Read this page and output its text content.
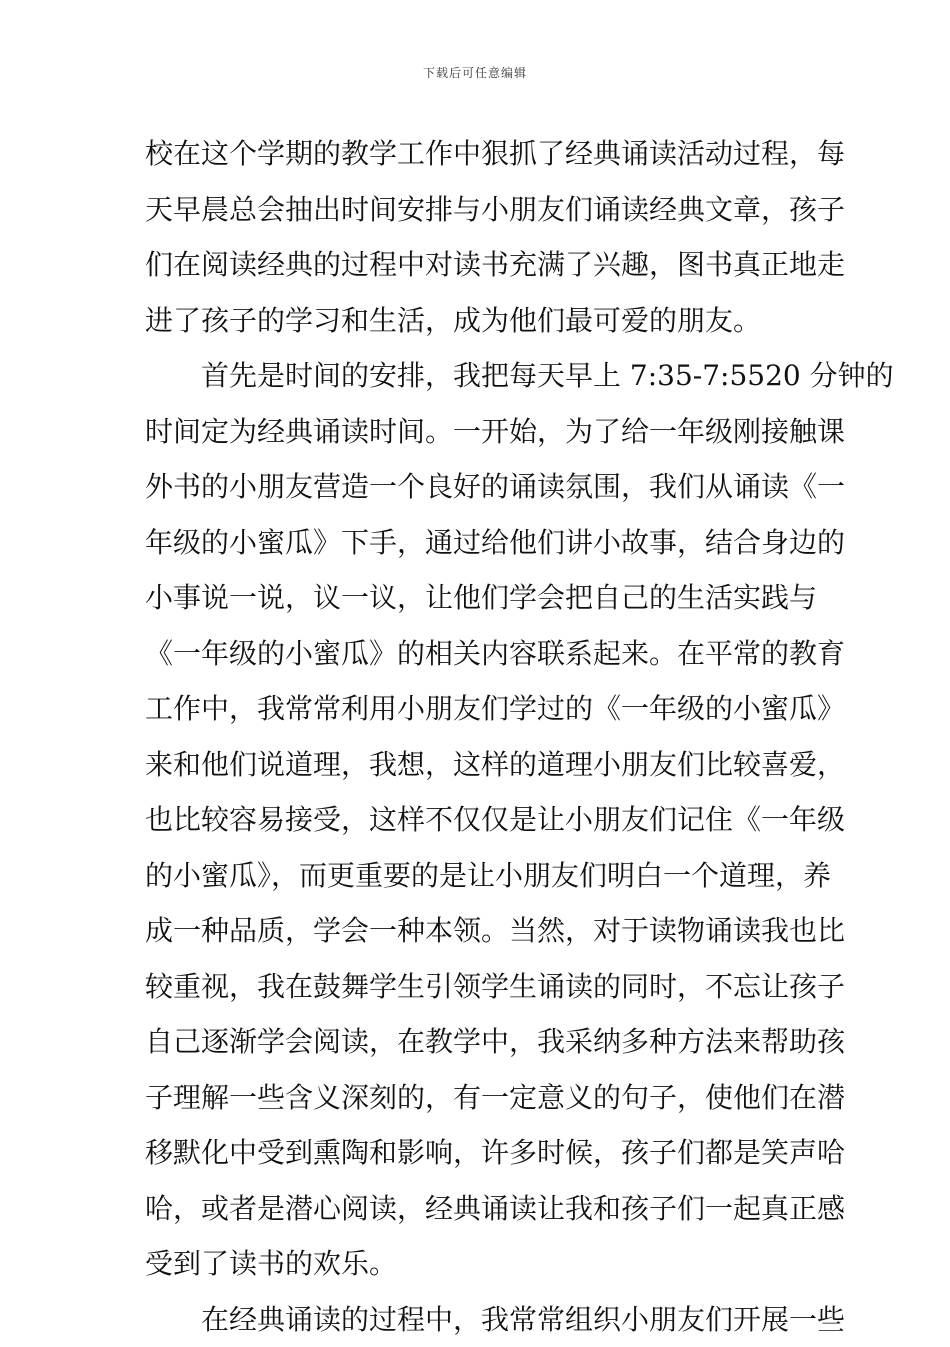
下载后可任意编辑
校在这个学期的教学工作中狠抓了经典诵读活动过程，每
天早晨总会抽出时间安排与小朋友们诵读经典文章，孩子
们在阅读经典的过程中对读书充满了兴趣，图书真正地走
进了孩子的学习和生活，成为他们最可爱的朋友。
首先是时间的安排，我把每天早上 7:35-7:5520 分钟的
时间定为经典诵读时间。一开始，为了给一年级刚接触课
外书的小朋友营造一个良好的诵读氛围，我们从诵读《一
年级的小蜜瓜》下手，通过给他们讲小故事，结合身边的
小事说一说，议一议，让他们学会把自己的生活实践与
《一年级的小蜜瓜》的相关内容联系起来。在平常的教育
工作中，我常常利用小朋友们学过的《一年级的小蜜瓜》
来和他们说道理，我想，这样的道理小朋友们比较喜爱，
也比较容易接受，这样不仅仅是让小朋友们记住《一年级
的小蜜瓜》，而更重要的是让小朋友们明白一个道理，养
成一种品质，学会一种本领。当然，对于读物诵读我也比
较重视，我在鼓舞学生引领学生诵读的同时，不忘让孩子
自己逐渐学会阅读，在教学中，我采纳多种方法来帮助孩
子理解一些含义深刻的，有一定意义的句子，使他们在潜
移默化中受到熏陶和影响，许多时候，孩子们都是笑声哈
哈，或者是潜心阅读，经典诵读让我和孩子们一起真正感
受到了读书的欢乐。
在经典诵读的过程中，我常常组织小朋友们开展一些
